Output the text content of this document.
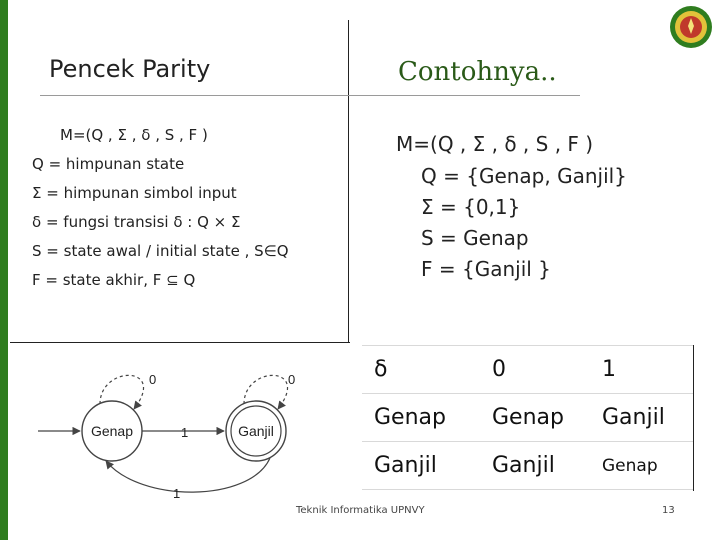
Pencek Parity	Contohnya..
M=(Q , Σ , δ , S , F )
Q = himpunan state
Σ = himpunan simbol input
δ = fungsi transisi δ : Q × Σ
S = state awal / initial state , S∈Q
F = state akhir, F ⊆ Q
M=(Q , Σ , δ , S , F )
Q = {Genap, Ganjil}
Σ = {0,1}
S = Genap
F = {Ganjil }
Genap	Ganjil
0	0
1
1
δ	0	1
Genap	Genap	Ganjil
Ganjil	Ganjil	Genap
Teknik Informatika UPNVY	13
